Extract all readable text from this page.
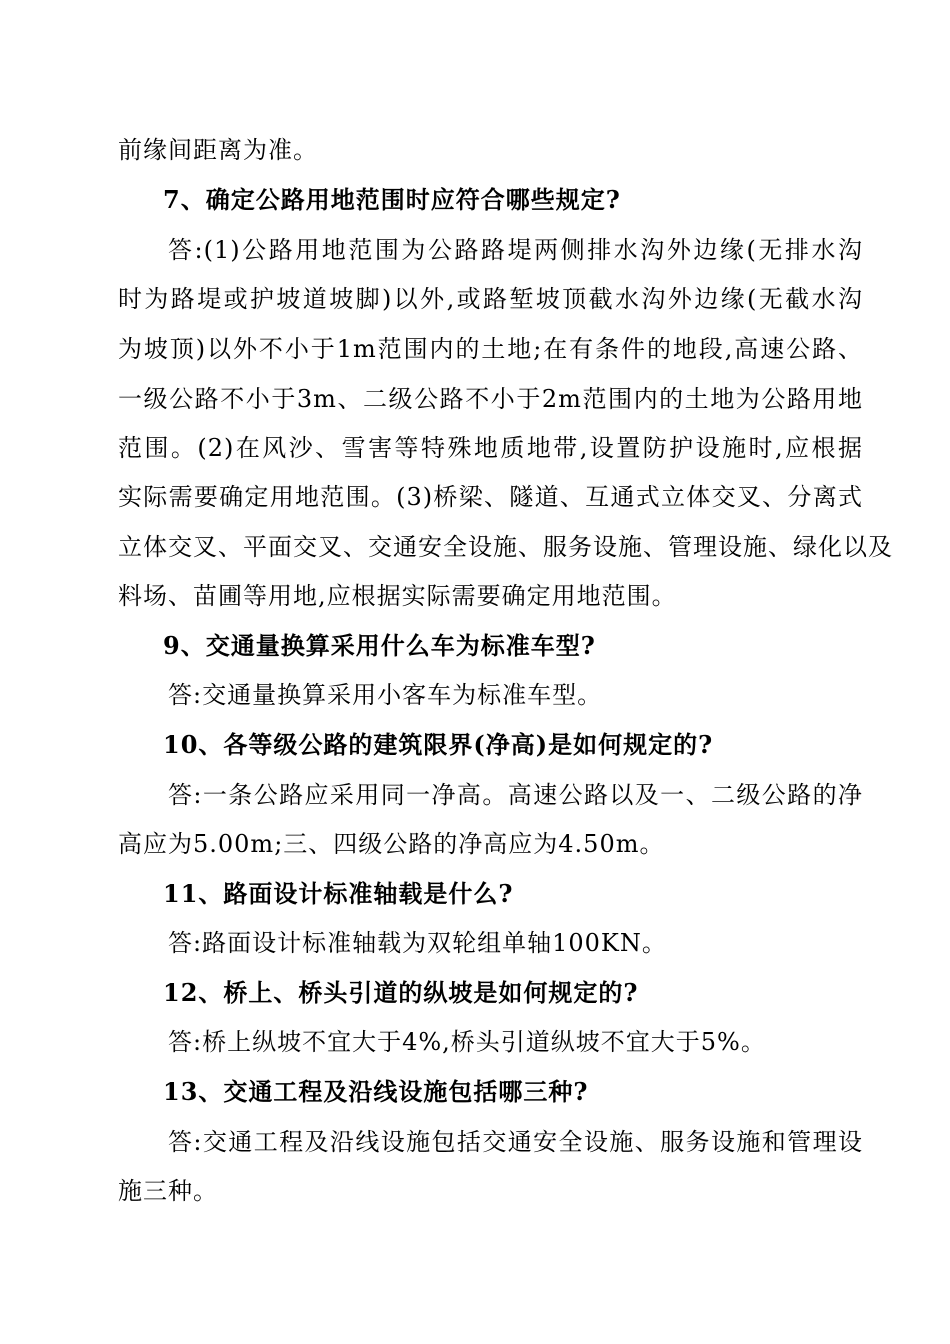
前缘间距离为准。
7、确定公路用地范围时应符合哪些规定?
答:(1)公路用地范围为公路路堤两侧排水沟外边缘(无排水沟
时为路堤或护坡道坡脚)以外,或路堑坡顶截水沟外边缘(无截水沟
为坡顶)以外不小于1m范围内的土地;在有条件的地段,高速公路、
一级公路不小于3m、二级公路不小于2m范围内的土地为公路用地
范围。(2)在风沙、雪害等特殊地质地带,设置防护设施时,应根据
实际需要确定用地范围。(3)桥梁、隧道、互通式立体交叉、分离式
立体交叉、平面交叉、交通安全设施、服务设施、管理设施、绿化以及
料场、苗圃等用地,应根据实际需要确定用地范围。
9、交通量换算采用什么车为标准车型?
答:交通量换算采用小客车为标准车型。
10、各等级公路的建筑限界(净高)是如何规定的?
答:一条公路应采用同一净高。高速公路以及一、二级公路的净
高应为5.00m;三、四级公路的净高应为4.50m。
11、路面设计标准轴载是什么?
答:路面设计标准轴载为双轮组单轴100KN。
12、桥上、桥头引道的纵坡是如何规定的?
答:桥上纵坡不宜大于4%,桥头引道纵坡不宜大于5%。
13、交通工程及沿线设施包括哪三种?
答:交通工程及沿线设施包括交通安全设施、服务设施和管理设
施三种。
